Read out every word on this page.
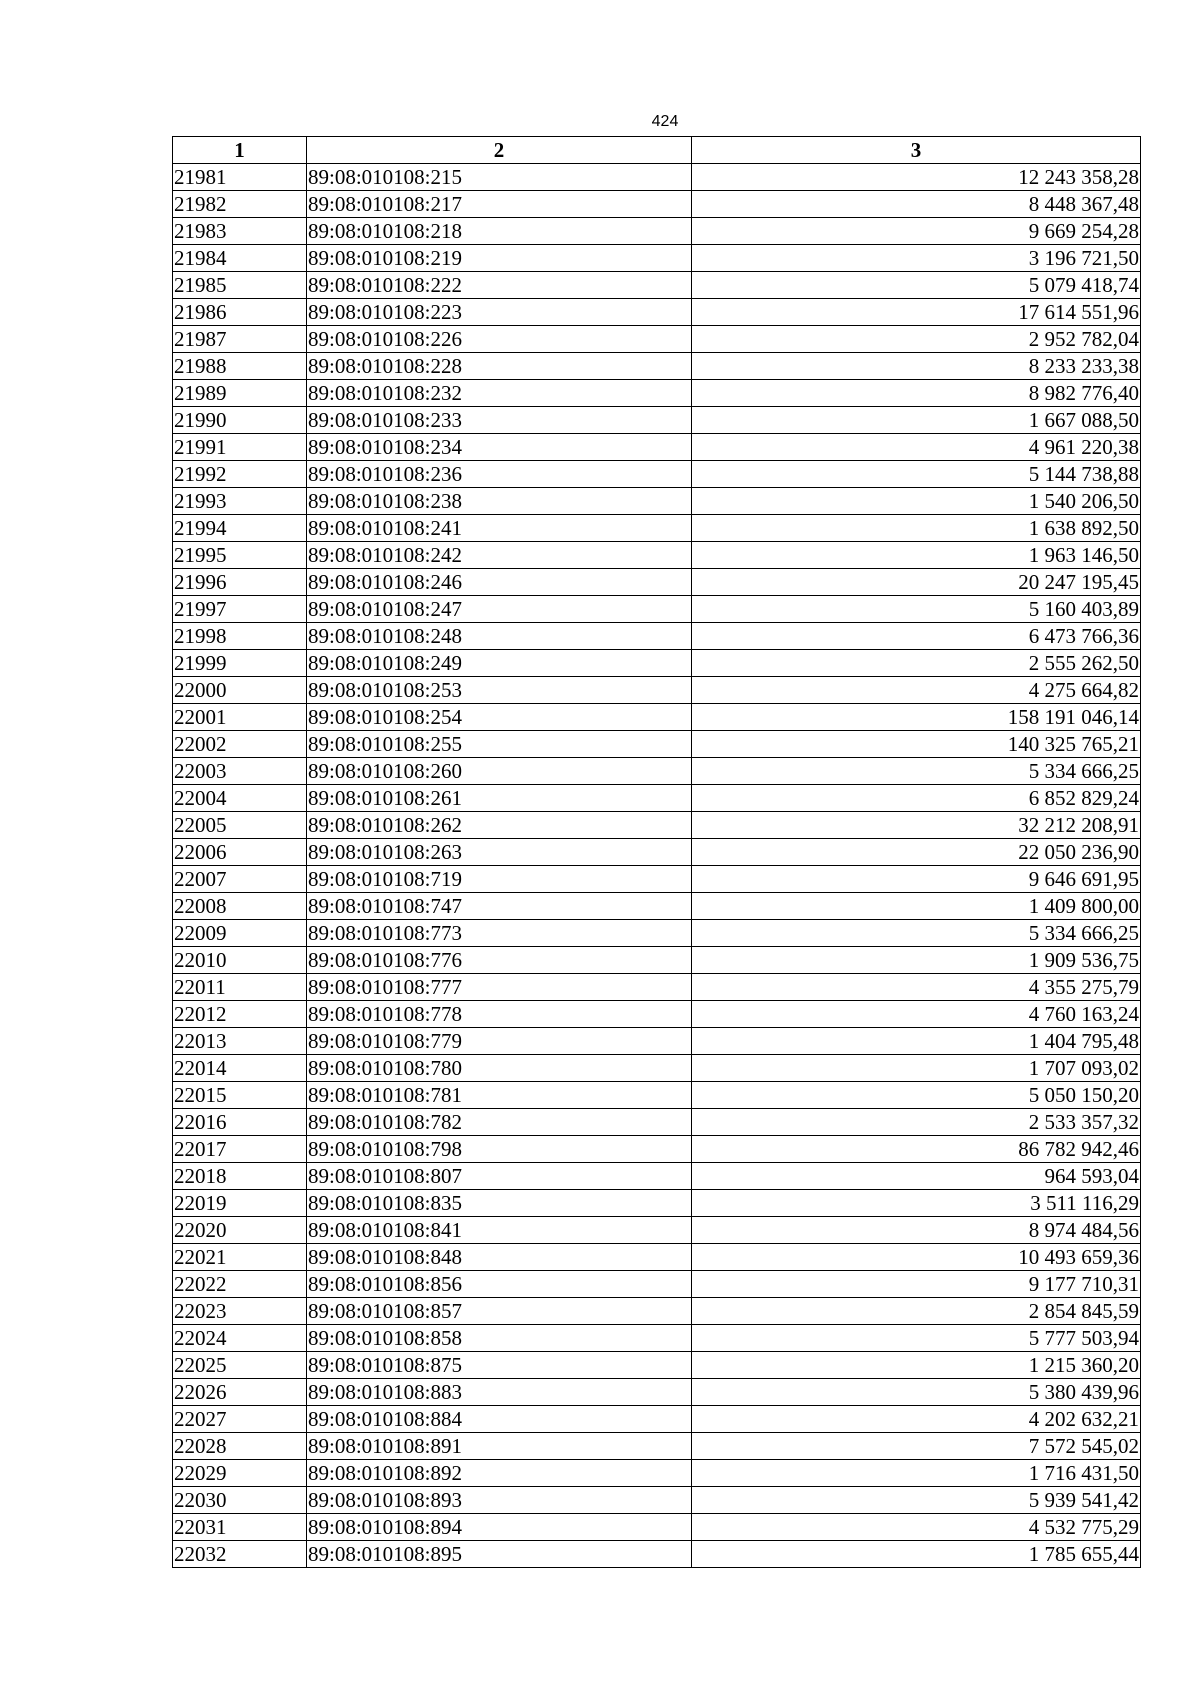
424
1	2	3
21981	89:08:010108:215	12 243 358,28
21982	89:08:010108:217	8 448 367,48
21983	89:08:010108:218	9 669 254,28
21984	89:08:010108:219	3 196 721,50
21985	89:08:010108:222	5 079 418,74
21986	89:08:010108:223	17 614 551,96
21987	89:08:010108:226	2 952 782,04
21988	89:08:010108:228	8 233 233,38
21989	89:08:010108:232	8 982 776,40
21990	89:08:010108:233	1 667 088,50
21991	89:08:010108:234	4 961 220,38
21992	89:08:010108:236	5 144 738,88
21993	89:08:010108:238	1 540 206,50
21994	89:08:010108:241	1 638 892,50
21995	89:08:010108:242	1 963 146,50
21996	89:08:010108:246	20 247 195,45
21997	89:08:010108:247	5 160 403,89
21998	89:08:010108:248	6 473 766,36
21999	89:08:010108:249	2 555 262,50
22000	89:08:010108:253	4 275 664,82
22001	89:08:010108:254	158 191 046,14
22002	89:08:010108:255	140 325 765,21
22003	89:08:010108:260	5 334 666,25
22004	89:08:010108:261	6 852 829,24
22005	89:08:010108:262	32 212 208,91
22006	89:08:010108:263	22 050 236,90
22007	89:08:010108:719	9 646 691,95
22008	89:08:010108:747	1 409 800,00
22009	89:08:010108:773	5 334 666,25
22010	89:08:010108:776	1 909 536,75
22011	89:08:010108:777	4 355 275,79
22012	89:08:010108:778	4 760 163,24
22013	89:08:010108:779	1 404 795,48
22014	89:08:010108:780	1 707 093,02
22015	89:08:010108:781	5 050 150,20
22016	89:08:010108:782	2 533 357,32
22017	89:08:010108:798	86 782 942,46
22018	89:08:010108:807	964 593,04
22019	89:08:010108:835	3 511 116,29
22020	89:08:010108:841	8 974 484,56
22021	89:08:010108:848	10 493 659,36
22022	89:08:010108:856	9 177 710,31
22023	89:08:010108:857	2 854 845,59
22024	89:08:010108:858	5 777 503,94
22025	89:08:010108:875	1 215 360,20
22026	89:08:010108:883	5 380 439,96
22027	89:08:010108:884	4 202 632,21
22028	89:08:010108:891	7 572 545,02
22029	89:08:010108:892	1 716 431,50
22030	89:08:010108:893	5 939 541,42
22031	89:08:010108:894	4 532 775,29
22032	89:08:010108:895	1 785 655,44
